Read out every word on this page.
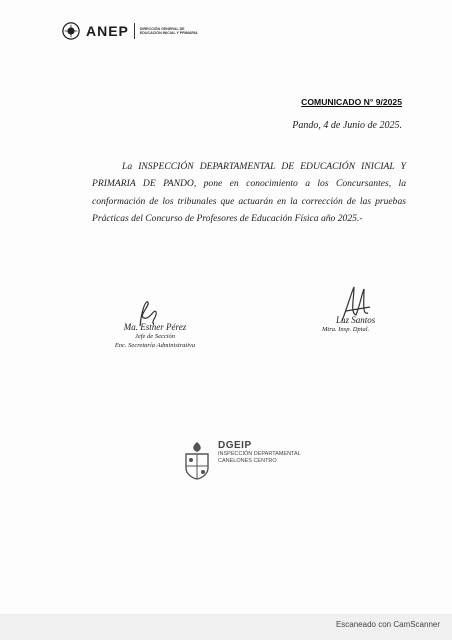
ANEP	DIRECCIÓN GENERAL DE EDUCACIÓN INICIAL Y PRIMARIA
COMUNICADO N° 9/2025
Pando, 4 de Junio de 2025.

La INSPECCIÓN DEPARTAMENTAL DE EDUCACIÓN INICIAL Y PRIMARIA DE PANDO, pone en conocimiento a los Concursantes, la conformación de los tribunales que actuarán en la corrección de las pruebas Prácticas del Concurso de Profesores de Educación Física año 2025.-

Ma. Esther Pérez
Jefe de Sección
Enc. Secretaría Administrativa
Luz Santos
Mtra. Insp. Dptal.
DGEIP
INSPECCIÓN DEPARTAMENTAL
CANELONES CENTRO
Escaneado con CamScanner
